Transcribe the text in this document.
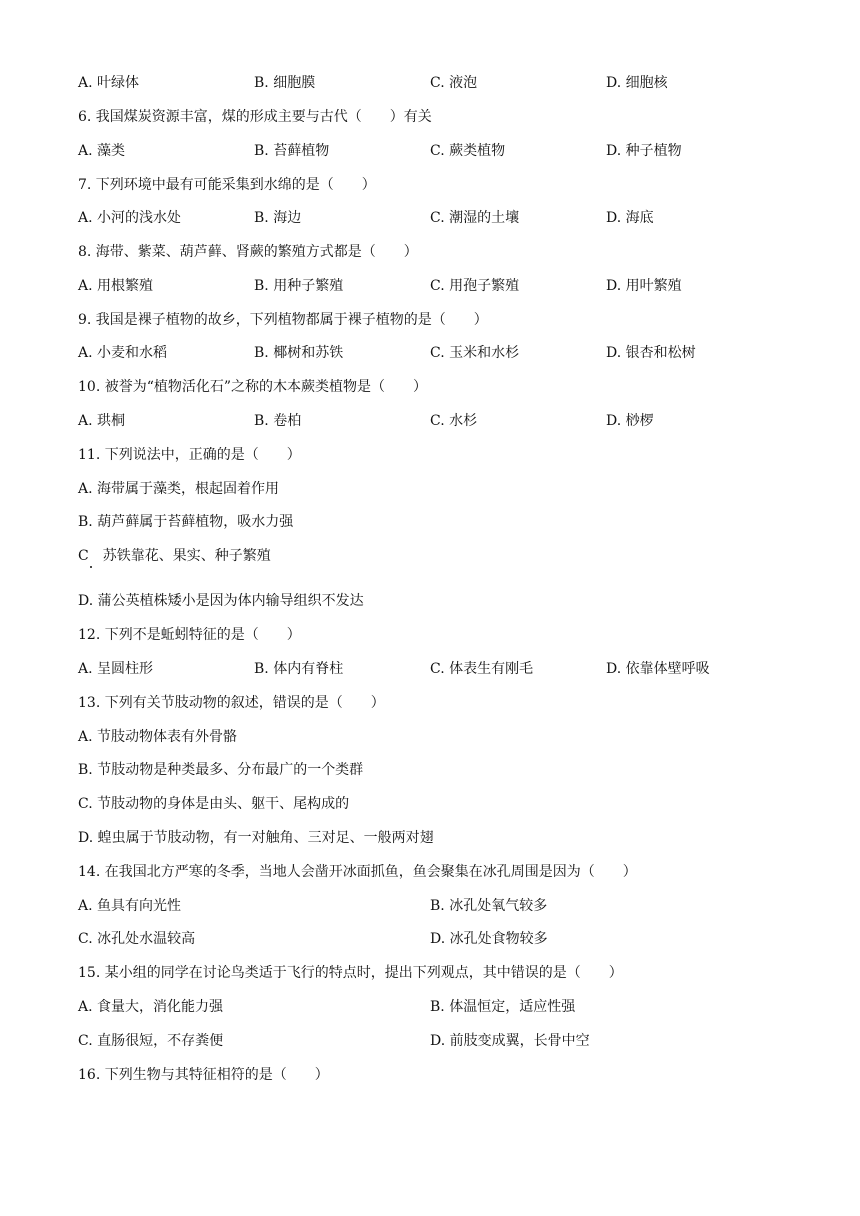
A. 叶绿体	B. 细胞膜	C. 液泡	D. 细胞核
6. 我国煤炭资源丰富，煤的形成主要与古代（　　）有关
A. 藻类	B. 苔藓植物	C. 蕨类植物	D. 种子植物
7. 下列环境中最有可能采集到水绵的是（　　）
A. 小河的浅水处	B. 海边	C. 潮湿的土壤	D. 海底
8. 海带、紫菜、葫芦藓、肾蕨的繁殖方式都是（　　）
A. 用根繁殖	B. 用种子繁殖	C. 用孢子繁殖	D. 用叶繁殖
9. 我国是裸子植物的故乡，下列植物都属于裸子植物的是（　　）
A. 小麦和水稻	B. 椰树和苏铁	C. 玉米和水杉	D. 银杏和松树
10. 被誉为“植物活化石”之称的木本蕨类植物是（　　）
A. 珙桐	B. 卷柏	C. 水杉	D. 桫椤
11. 下列说法中，正确的是（　　）
A. 海带属于藻类，根起固着作用
B. 葫芦藓属于苔藓植物，吸水力强
C　苏铁靠花、果实、种子繁殖
D. 蒲公英植株矮小是因为体内输导组织不发达
12. 下列不是蚯蚓特征的是（　　）
A. 呈圆柱形	B. 体内有脊柱	C. 体表生有刚毛	D. 依靠体壁呼吸
13. 下列有关节肢动物的叙述，错误的是（　　）
A. 节肢动物体表有外骨骼
B. 节肢动物是种类最多、分布最广的一个类群
C. 节肢动物的身体是由头、躯干、尾构成的
D. 蝗虫属于节肢动物，有一对触角、三对足、一般两对翅
14. 在我国北方严寒的冬季，当地人会凿开冰面抓鱼，鱼会聚集在冰孔周围是因为（　　）
A. 鱼具有向光性	B. 冰孔处氧气较多
C. 冰孔处水温较高	D. 冰孔处食物较多
15. 某小组的同学在讨论鸟类适于飞行的特点时，提出下列观点，其中错误的是（　　）
A. 食量大，消化能力强	B. 体温恒定，适应性强
C. 直肠很短，不存粪便	D. 前肢变成翼，长骨中空
16. 下列生物与其特征相符的是（　　）
